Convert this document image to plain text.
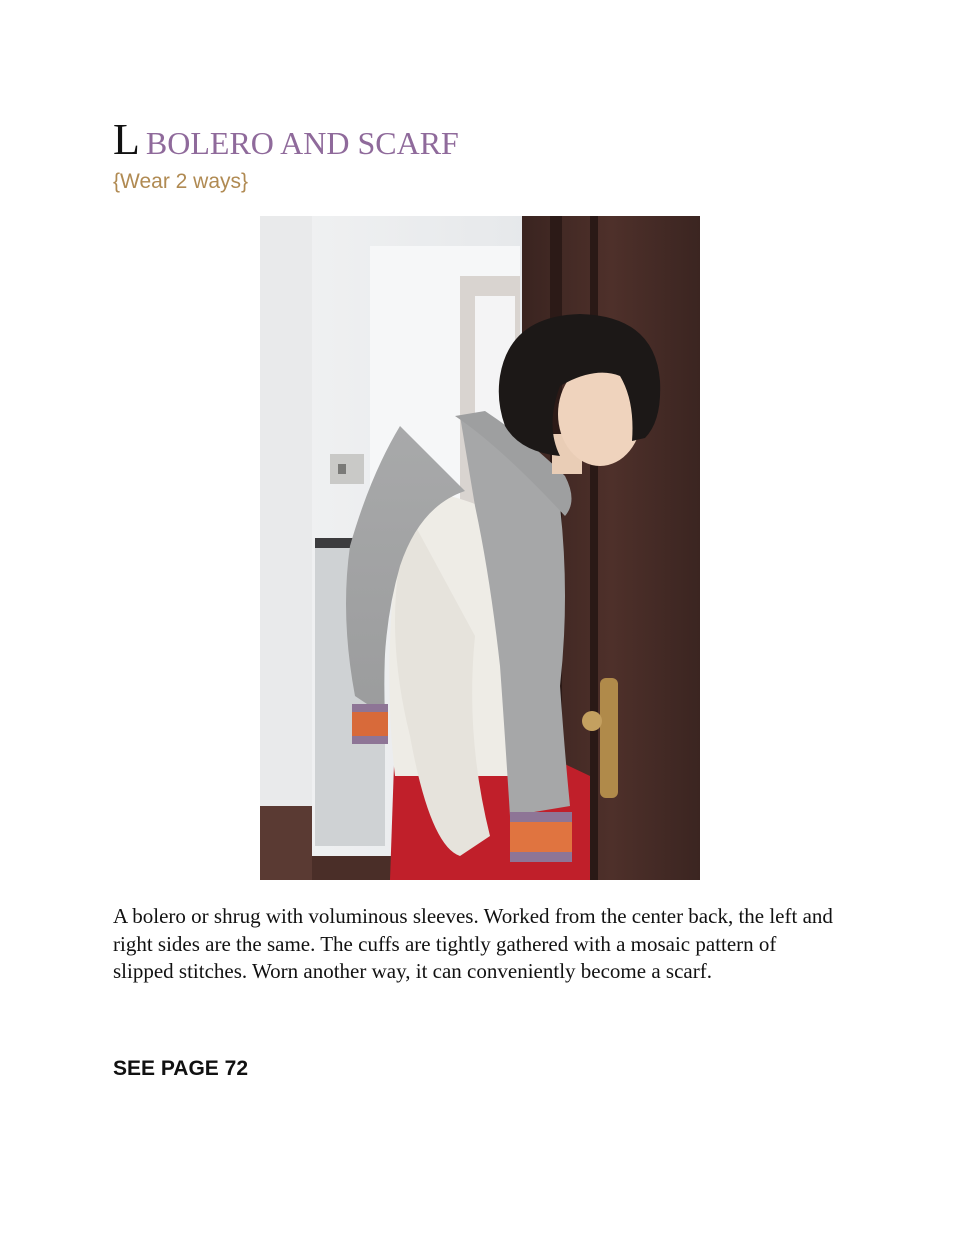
L BOLERO AND SCARF
{Wear 2 ways}
A bolero or shrug with voluminous sleeves. Worked from the center back, the left and right sides are the same. The cuffs are tightly gathered with a mosaic pattern of slipped stitches. Worn another way, it can conveniently become a scarf.
SEE PAGE 72
